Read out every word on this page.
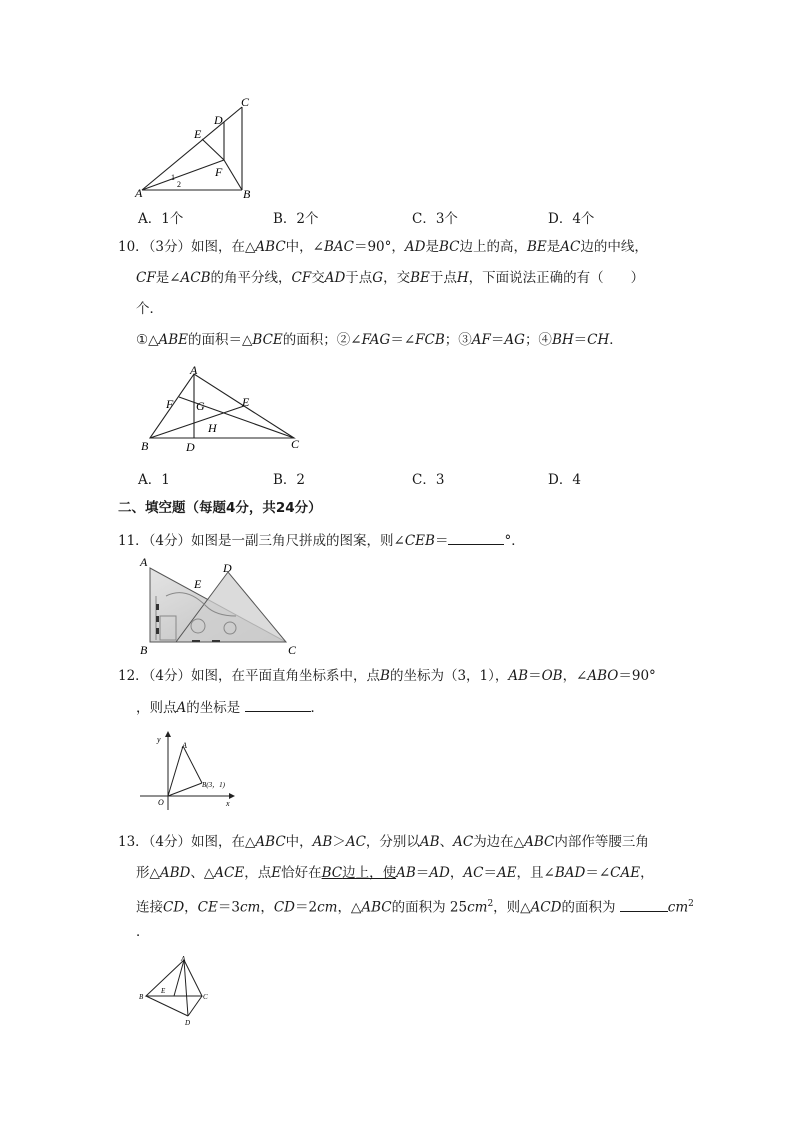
C
D
E
F
A	B
1
2
A．1个	B．2个	C．3个	D．4个
10．（3分）如图，在△ABC中，∠BAC＝90°，AD是BC边上的高，BE是AC边的中线，
CF是∠ACB的角平分线，CF交AD于点G，交BE于点H，下面说法正确的有（　　）
个．
①△ABE的面积＝△BCE的面积；②∠FAG＝∠FCB；③AF＝AG；④BH＝CH．
A
F G	E
H
B	D	C
A．1	B．2	C．3	D．4
二、填空题（每题4分，共24分）
11．（4分）如图是一副三角尺拼成的图案，则∠CEB＝	°．
A	D
E
B	C
12．（4分）如图，在平面直角坐标系中，点B的坐标为（3，1），AB＝OB，∠ABO＝90°
，则点A的坐标是	．
y
x
O
A
B(3，1)
13．（4分）如图，在△ABC中，AB＞AC，分别以AB、AC为边在△ABC内部作等腰三角
形△ABD、△ACE，点E恰好在BC边上，使AB＝AD，AC＝AE，且∠BAD＝∠CAE，
连接CD，CE＝3cm，CD＝2cm，△ABC的面积为 $25cm^2$，则△ACD的面积为	$cm^2$
．
A
B
E
C
D
